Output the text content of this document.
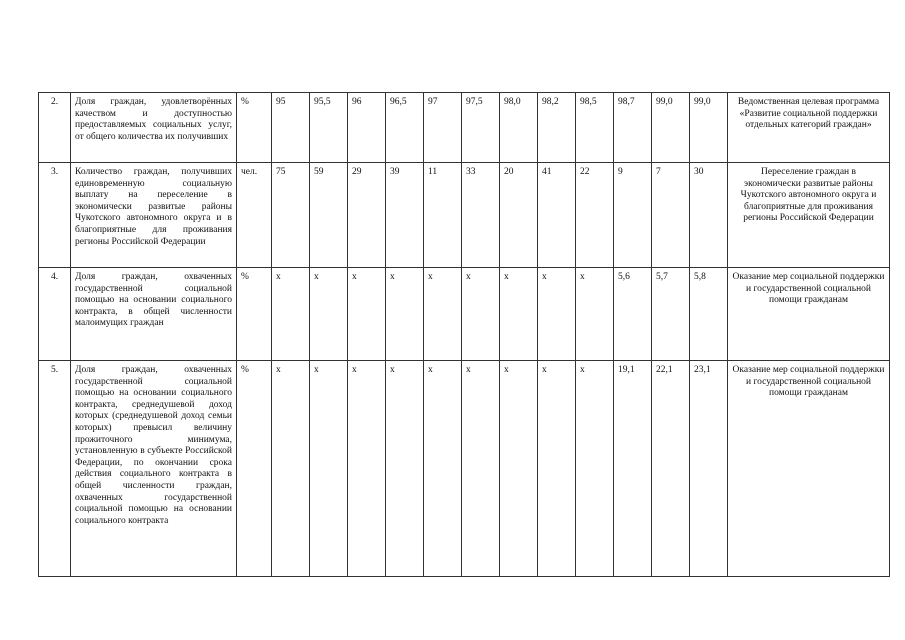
2.	Доля граждан, удовлетворённых качеством и доступностью предоставляемых социальных услуг, от общего количества их получивших	%	95	95,5	96	96,5	97	97,5	98,0	98,2	98,5	98,7	99,0	99,0	Ведомственная целевая программа «Развитие социальной поддержки отдельных категорий граждан»
3.	Количество граждан, получивших единовременную социальную выплату на переселение в экономически развитые районы Чукотского автономного округа и в благоприятные для проживания регионы Российской Федерации	чел.	75	59	29	39	11	33	20	41	22	9	7	30	Переселение граждан в экономически развитые районы Чукотского автономного округа и благоприятные для проживания регионы Российской Федерации
4.	Доля граждан, охваченных государственной социальной помощью на основании социального контракта, в общей численности малоимущих граждан	%	x	x	x	x	x	x	x	x	x	5,6	5,7	5,8	Оказание мер социальной поддержки и государственной социальной помощи гражданам
5.	Доля граждан, охваченных государственной социальной помощью на основании социального контракта, среднедушевой доход которых (среднедушевой доход семьи которых) превысил величину прожиточного минимума, установленную в субъекте Российской Федерации, по окончании срока действия социального контракта в общей численности граждан, охваченных государственной социальной помощью на основании социального контракта	%	x	x	x	x	x	x	x	x	x	19,1	22,1	23,1	Оказание мер социальной поддержки и государственной социальной помощи гражданам
